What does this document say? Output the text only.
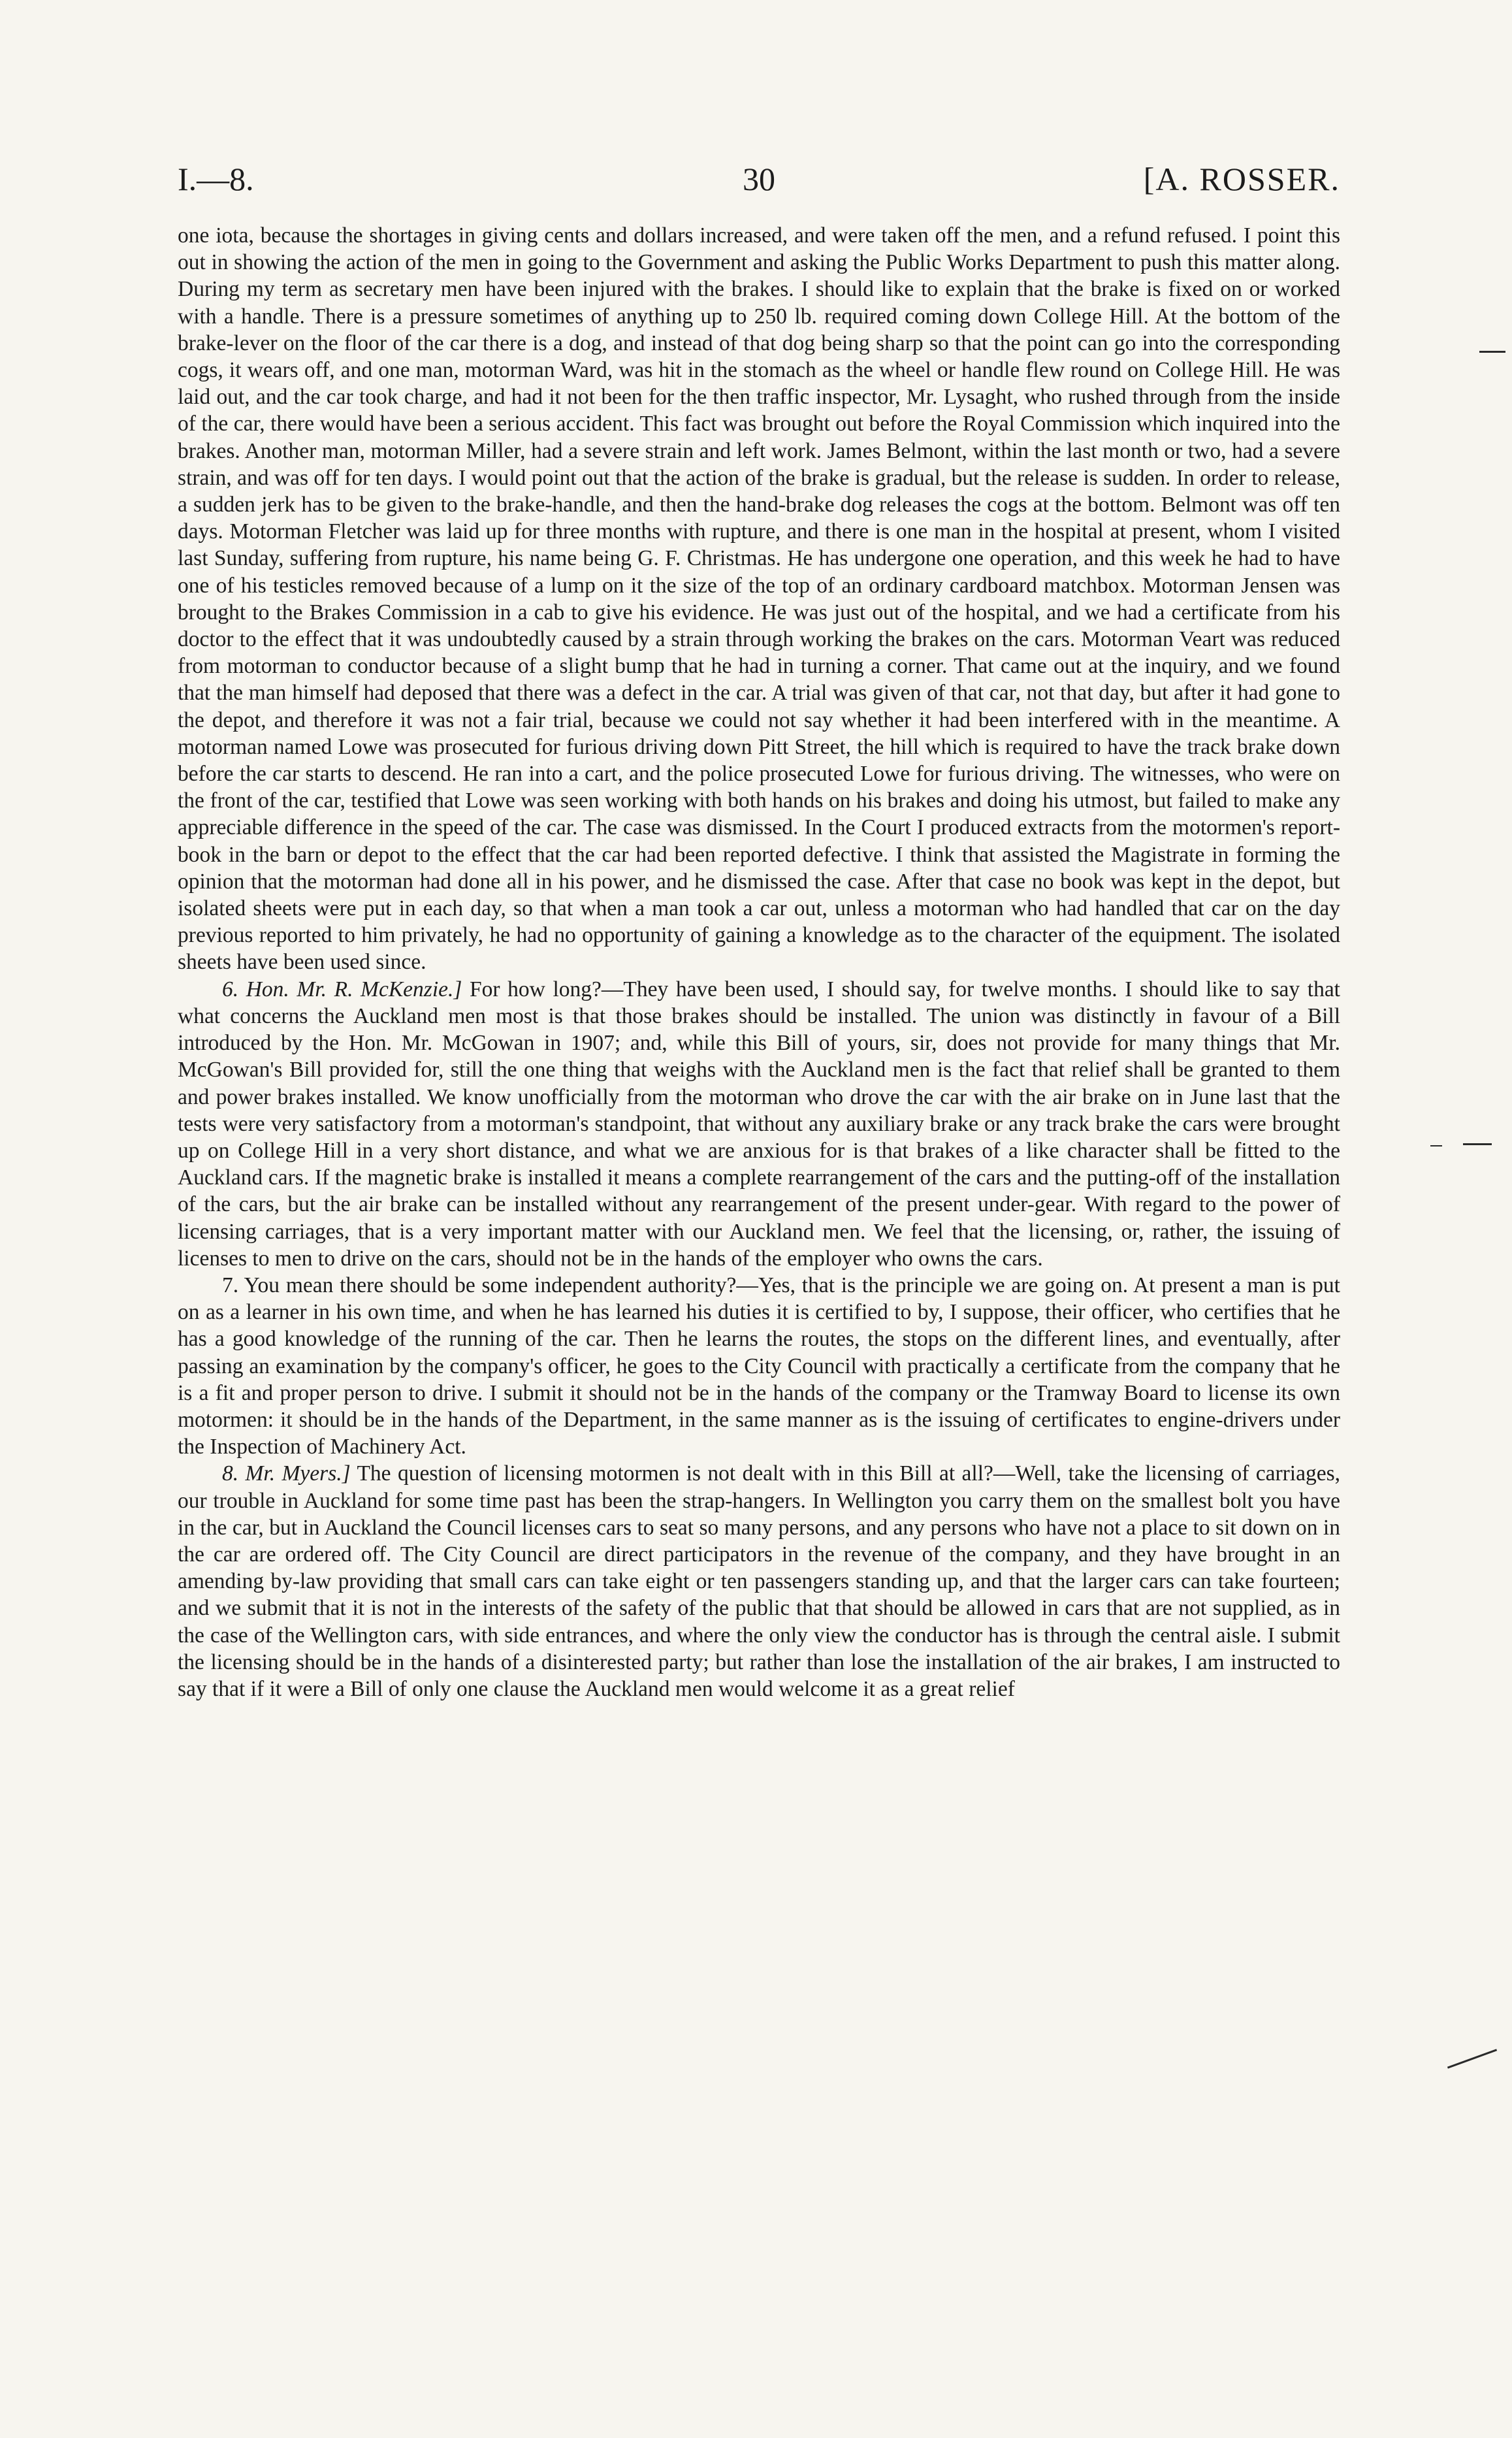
I.—8.	30	[A. ROSSER.

one iota, because the shortages in giving cents and dollars increased, and were taken off the men, and a refund refused. I point this out in showing the action of the men in going to the Government and asking the Public Works Department to push this matter along. During my term as secretary men have been injured with the brakes. I should like to explain that the brake is fixed on or worked with a handle. There is a pressure sometimes of anything up to 250 lb. required coming down College Hill. At the bottom of the brake-lever on the floor of the car there is a dog, and instead of that dog being sharp so that the point can go into the corresponding cogs, it wears off, and one man, motorman Ward, was hit in the stomach as the wheel or handle flew round on College Hill. He was laid out, and the car took charge, and had it not been for the then traffic inspector, Mr. Lysaght, who rushed through from the inside of the car, there would have been a serious accident. This fact was brought out before the Royal Commission which inquired into the brakes. Another man, motorman Miller, had a severe strain and left work. James Belmont, within the last month or two, had a severe strain, and was off for ten days. I would point out that the action of the brake is gradual, but the release is sudden. In order to release, a sudden jerk has to be given to the brake-handle, and then the hand-brake dog releases the cogs at the bottom. Belmont was off ten days. Motorman Fletcher was laid up for three months with rupture, and there is one man in the hospital at present, whom I visited last Sunday, suffering from rupture, his name being G. F. Christmas. He has undergone one operation, and this week he had to have one of his testicles removed because of a lump on it the size of the top of an ordinary cardboard matchbox. Motorman Jensen was brought to the Brakes Commission in a cab to give his evidence. He was just out of the hospital, and we had a certificate from his doctor to the effect that it was undoubtedly caused by a strain through working the brakes on the cars. Motorman Veart was reduced from motorman to conductor because of a slight bump that he had in turning a corner. That came out at the inquiry, and we found that the man himself had deposed that there was a defect in the car. A trial was given of that car, not that day, but after it had gone to the depot, and therefore it was not a fair trial, because we could not say whether it had been interfered with in the meantime. A motorman named Lowe was prosecuted for furious driving down Pitt Street, the hill which is required to have the track brake down before the car starts to descend. He ran into a cart, and the police prosecuted Lowe for furious driving. The witnesses, who were on the front of the car, testified that Lowe was seen working with both hands on his brakes and doing his utmost, but failed to make any appreciable difference in the speed of the car. The case was dismissed. In the Court I produced extracts from the motormen's report-book in the barn or depot to the effect that the car had been reported defective. I think that assisted the Magistrate in forming the opinion that the motorman had done all in his power, and he dismissed the case. After that case no book was kept in the depot, but isolated sheets were put in each day, so that when a man took a car out, unless a motorman who had handled that car on the day previous reported to him privately, he had no opportunity of gaining a knowledge as to the character of the equipment. The isolated sheets have been used since.

6. Hon. Mr. R. McKenzie.] For how long?—They have been used, I should say, for twelve months. I should like to say that what concerns the Auckland men most is that those brakes should be installed. The union was distinctly in favour of a Bill introduced by the Hon. Mr. McGowan in 1907; and, while this Bill of yours, sir, does not provide for many things that Mr. McGowan's Bill provided for, still the one thing that weighs with the Auckland men is the fact that relief shall be granted to them and power brakes installed. We know unofficially from the motorman who drove the car with the air brake on in June last that the tests were very satisfactory from a motorman's standpoint, that without any auxiliary brake or any track brake the cars were brought up on College Hill in a very short distance, and what we are anxious for is that brakes of a like character shall be fitted to the Auckland cars. If the magnetic brake is installed it means a complete rearrangement of the cars and the putting-off of the installation of the cars, but the air brake can be installed without any rearrangement of the present under-gear. With regard to the power of licensing carriages, that is a very important matter with our Auckland men. We feel that the licensing, or, rather, the issuing of licenses to men to drive on the cars, should not be in the hands of the employer who owns the cars.

7. You mean there should be some independent authority?—Yes, that is the principle we are going on. At present a man is put on as a learner in his own time, and when he has learned his duties it is certified to by, I suppose, their officer, who certifies that he has a good knowledge of the running of the car. Then he learns the routes, the stops on the different lines, and eventually, after passing an examination by the company's officer, he goes to the City Council with practically a certificate from the company that he is a fit and proper person to drive. I submit it should not be in the hands of the company or the Tramway Board to license its own motormen: it should be in the hands of the Department, in the same manner as is the issuing of certificates to engine-drivers under the Inspection of Machinery Act.

8. Mr. Myers.] The question of licensing motormen is not dealt with in this Bill at all?—Well, take the licensing of carriages, our trouble in Auckland for some time past has been the strap-hangers. In Wellington you carry them on the smallest bolt you have in the car, but in Auckland the Council licenses cars to seat so many persons, and any persons who have not a place to sit down on in the car are ordered off. The City Council are direct participators in the revenue of the company, and they have brought in an amending by-law providing that small cars can take eight or ten passengers standing up, and that the larger cars can take fourteen; and we submit that it is not in the interests of the safety of the public that that should be allowed in cars that are not supplied, as in the case of the Wellington cars, with side entrances, and where the only view the conductor has is through the central aisle. I submit the licensing should be in the hands of a disinterested party; but rather than lose the installation of the air brakes, I am instructed to say that if it were a Bill of only one clause the Auckland men would welcome it as a great relief
